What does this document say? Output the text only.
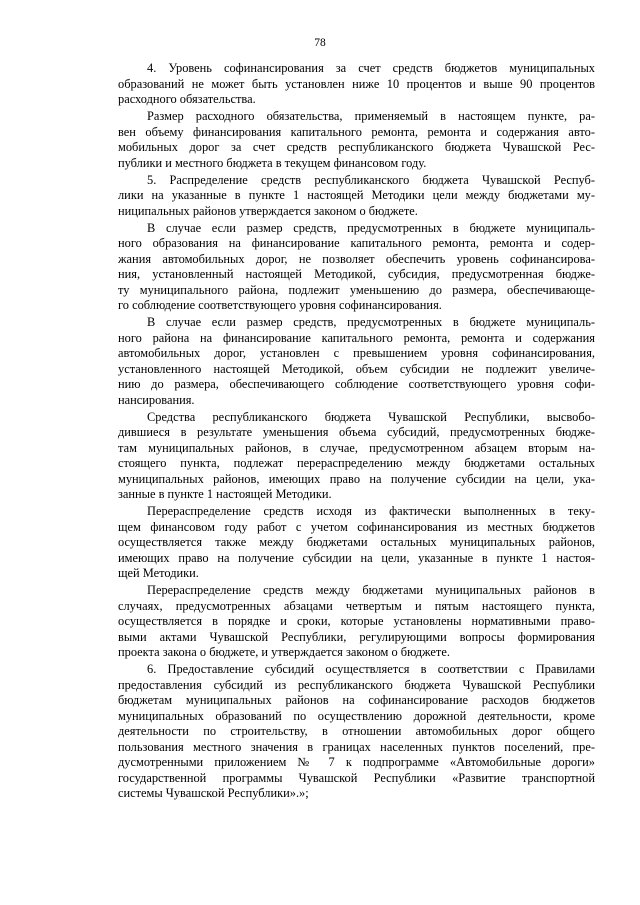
78

4. Уровень софинансирования за счет средств бюджетов муниципальных
образований не может быть установлен ниже 10 процентов и выше 90 процентов
расходного обязательства.

Размер расходного обязательства, применяемый в настоящем пункте, ра-
вен объему финансирования капитального ремонта, ремонта и содержания авто-
мобильных дорог за счет средств республиканского бюджета Чувашской Рес-
публики и местного бюджета в текущем финансовом году.

5. Распределение средств республиканского бюджета Чувашской Респуб-
лики на указанные в пункте 1 настоящей Методики цели между бюджетами му-
ниципальных районов утверждается законом о бюджете.

В случае если размер средств, предусмотренных в бюджете муниципаль-
ного образования на финансирование капитального ремонта, ремонта и содер-
жания автомобильных дорог, не позволяет обеспечить уровень софинансирова-
ния, установленный настоящей Методикой, субсидия, предусмотренная бюдже-
ту муниципального района, подлежит уменьшению до размера, обеспечивающе-
го соблюдение соответствующего уровня софинансирования.

В случае если размер средств, предусмотренных в бюджете муниципаль-
ного района на финансирование капитального ремонта, ремонта и содержания
автомобильных дорог, установлен с превышением уровня софинансирования,
установленного настоящей Методикой, объем субсидии не подлежит увеличе-
нию до размера, обеспечивающего соблюдение соответствующего уровня софи-
нансирования.

Средства республиканского бюджета Чувашской Республики, высвобо-
дившиеся в результате уменьшения объема субсидий, предусмотренных бюдже-
там муниципальных районов, в случае, предусмотренном абзацем вторым на-
стоящего пункта, подлежат перераспределению между бюджетами остальных
муниципальных районов, имеющих право на получение субсидии на цели, ука-
занные в пункте 1 настоящей Методики.

Перераспределение средств исходя из фактически выполненных в теку-
щем финансовом году работ с учетом софинансирования из местных бюджетов
осуществляется также между бюджетами остальных муниципальных районов,
имеющих право на получение субсидии на цели, указанные в пункте 1 настоя-
щей Методики.

Перераспределение средств между бюджетами муниципальных районов в
случаях, предусмотренных абзацами четвертым и пятым настоящего пункта,
осуществляется в порядке и сроки, которые установлены нормативными право-
выми актами Чувашской Республики, регулирующими вопросы формирования
проекта закона о бюджете, и утверждается законом о бюджете.

6. Предоставление субсидий осуществляется в соответствии с Правилами
предоставления субсидий из республиканского бюджета Чувашской Республики
бюджетам муниципальных районов на софинансирование расходов бюджетов
муниципальных образований по осуществлению дорожной деятельности, кроме
деятельности по строительству, в отношении автомобильных дорог общего
пользования местного значения в границах населенных пунктов поселений, пре-
дусмотренными приложением № 7 к подпрограмме «Автомобильные дороги»
государственной программы Чувашской Республики «Развитие транспортной
системы Чувашской Республики».»;
